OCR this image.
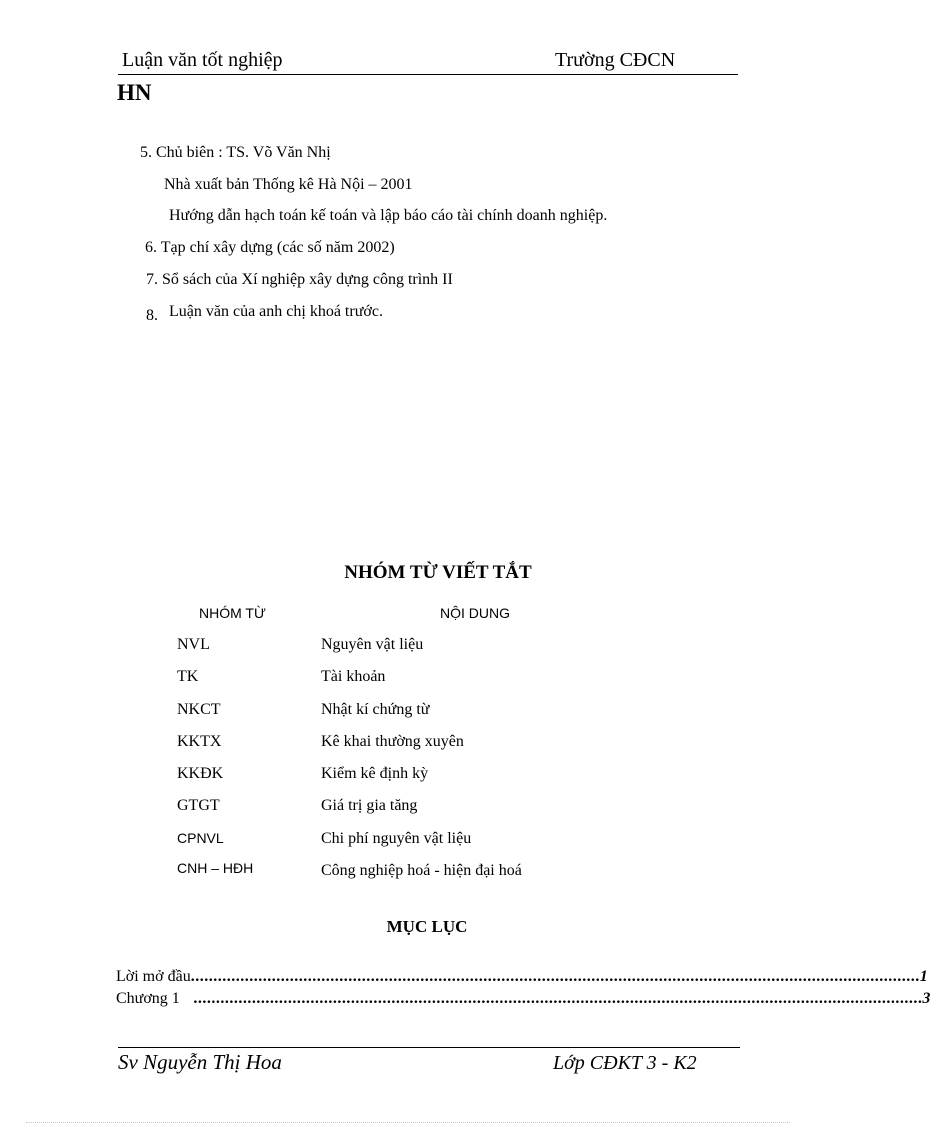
Luận văn tốt nghiệp	Trường CĐCN
HN
5. Chủ biên : TS. Võ Văn Nhị
Nhà xuất bản Thống kê Hà Nội – 2001
Hướng dẫn hạch toán kế toán và lập báo cáo tài chính doanh nghiệp.
6. Tạp chí xây dựng (các số năm 2002)
7. Sổ sách của Xí nghiệp xây dựng công trình II
8. Luận văn của anh chị khoá trước.
NHÓM TỪ VIẾT TẮT
NHÓM TỪ	NỘI DUNG
NVL	Nguyên vật liệu
TK	Tài khoản
NKCT	Nhật kí chứng từ
KKTX	Kê khai thường xuyên
KKĐK	Kiểm kê định kỳ
GTGT	Giá trị gia tăng
CPNVL	Chi phí nguyên vật liệu
CNH – HĐH	Công nghiệp hoá - hiện đại hoá
MỤC LỤC
Lời mở đầu .................................................................................................................................................................. 1
Chương 1 .................................................................................................................................................................. 3
Sv Nguyễn Thị Hoa	Lớp CĐKT 3 - K2
